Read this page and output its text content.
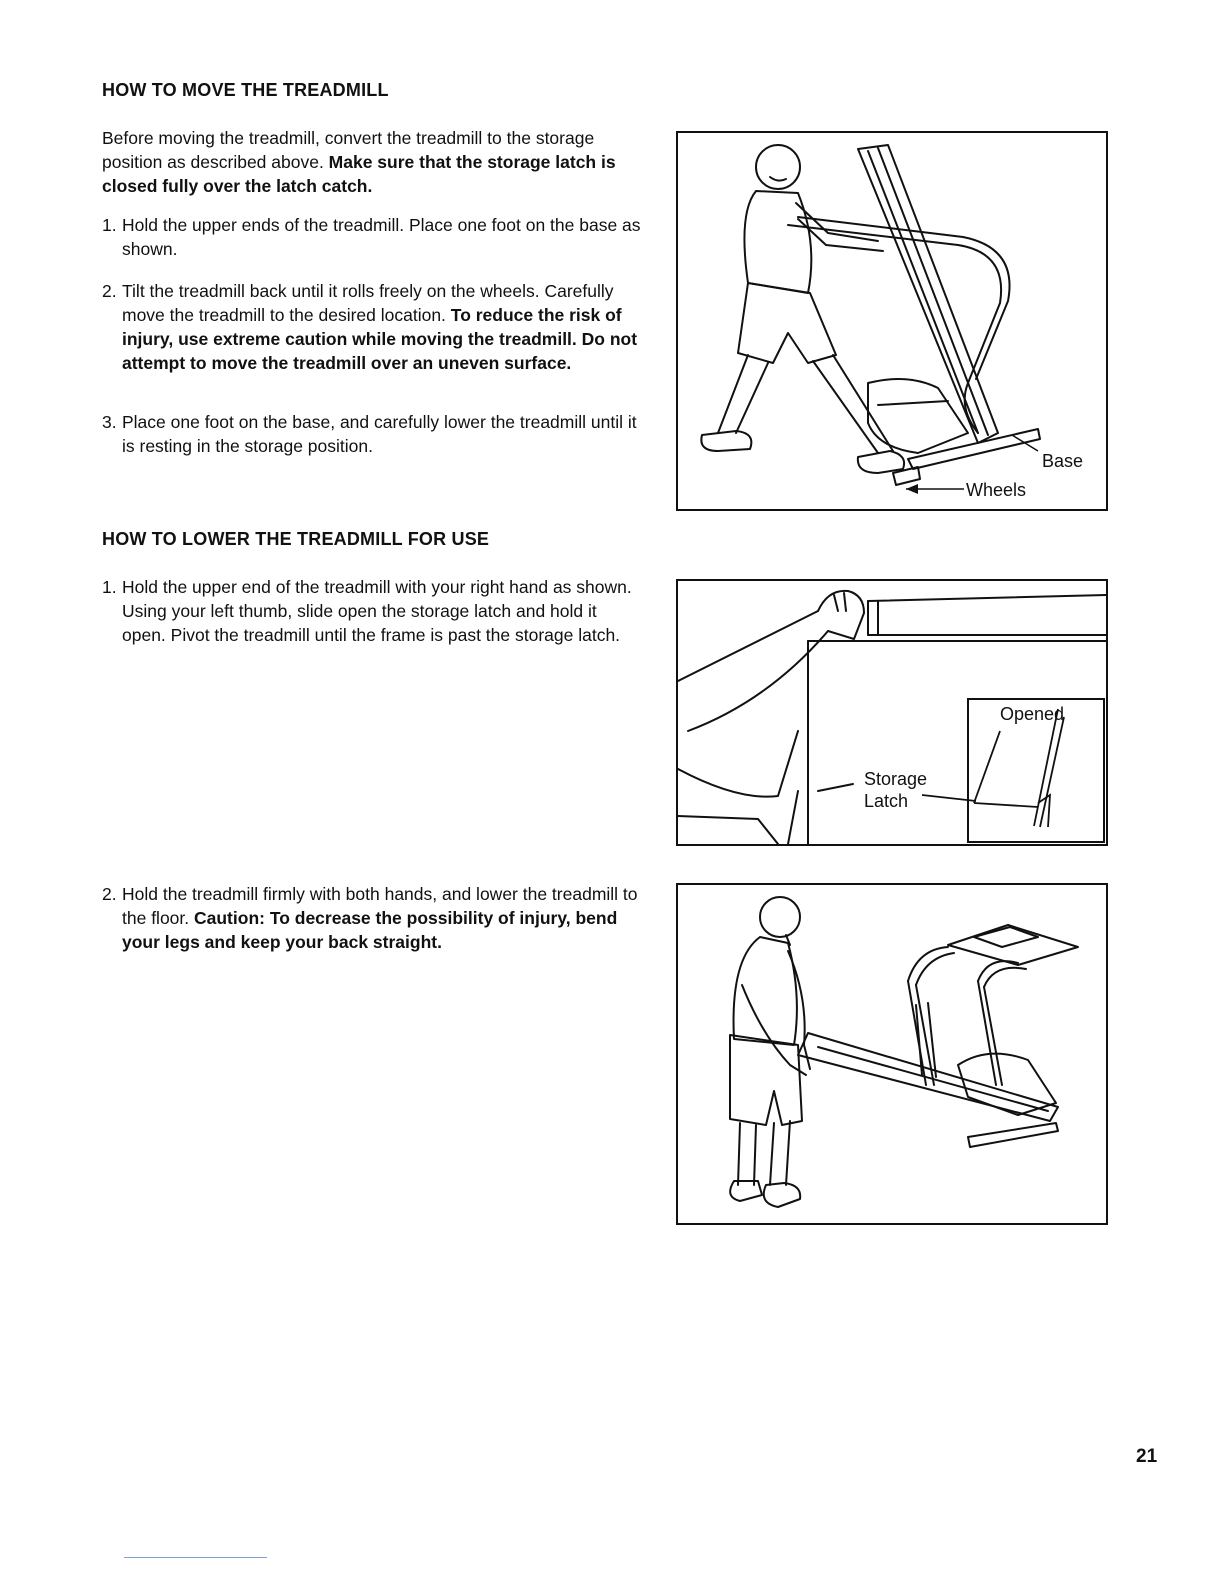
HOW TO MOVE THE TREADMILL
Before moving the treadmill, convert the treadmill to the storage position as described above. Make sure that the storage latch is closed fully over the latch catch.
1. Hold the upper ends of the treadmill. Place one foot on the base as shown.
2. Tilt the treadmill back until it rolls freely on the wheels. Carefully move the treadmill to the desired location. To reduce the risk of injury, use extreme caution while moving the treadmill. Do not attempt to move the treadmill over an uneven surface.
3. Place one foot on the base, and carefully lower the treadmill until it is resting in the storage position.
HOW TO LOWER THE TREADMILL FOR USE
1. Hold the upper end of the treadmill with your right hand as shown. Using your left thumb, slide open the storage latch and hold it open. Pivot the treadmill until the frame is past the storage latch.
2. Hold the treadmill firmly with both hands, and lower the treadmill to the floor. Caution: To decrease the possibility of injury, bend your legs and keep your back straight.
Base
Wheels
Opened
Storage
Latch
21
